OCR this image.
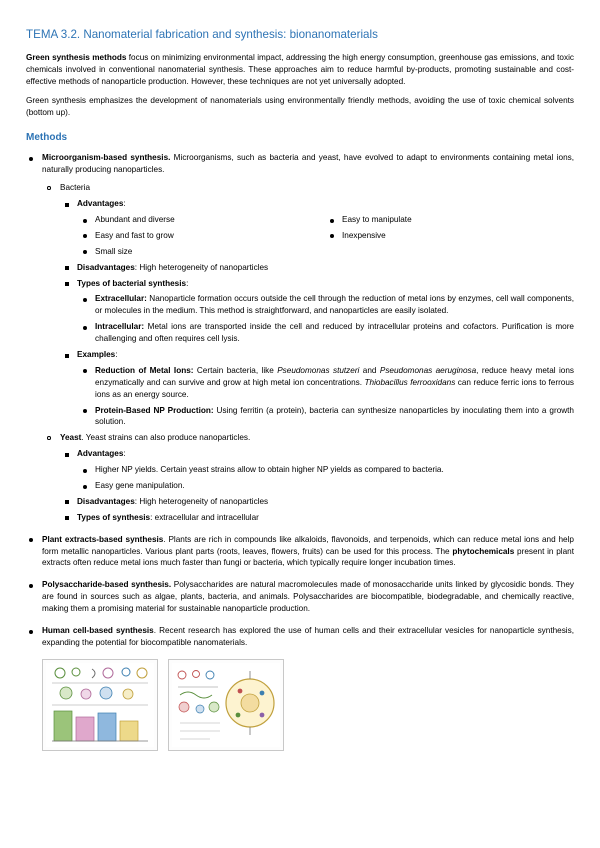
TEMA 3.2. Nanomaterial fabrication and synthesis: bionanomaterials

Green synthesis methods focus on minimizing environmental impact, addressing the high energy consumption, greenhouse gas emissions, and toxic chemicals involved in conventional nanomaterial synthesis. These approaches aim to reduce harmful by-products, promoting sustainable and cost-effective methods of nanoparticle production. However, these techniques are not yet universally adopted.

Green synthesis emphasizes the development of nanomaterials using environmentally friendly methods, avoiding the use of toxic chemical solvents (bottom up).

Methods
Microorganism-based synthesis. Microorganisms, such as bacteria and yeast, have evolved to adapt to environments containing metal ions, naturally producing nanoparticles.
Bacteria
Advantages:
Abundant and diverse
Easy and fast to grow
Small size
Easy to manipulate
Inexpensive
Disadvantages: High heterogeneity of nanoparticles
Types of bacterial synthesis:
Extracellular: Nanoparticle formation occurs outside the cell through the reduction of metal ions by enzymes, cell wall components, or molecules in the medium. This method is straightforward, and nanoparticles are easily isolated.
Intracellular: Metal ions are transported inside the cell and reduced by intracellular proteins and cofactors. Purification is more challenging and often requires cell lysis.
Examples:
Reduction of Metal Ions: Certain bacteria, like Pseudomonas stutzeri and Pseudomonas aeruginosa, reduce heavy metal ions enzymatically and can survive and grow at high metal ion concentrations. Thiobacillus ferrooxidans can reduce ferric ions to ferrous ions as an energy source.
Protein-Based NP Production: Using ferritin (a protein), bacteria can synthesize nanoparticles by inoculating them into a growth solution.
Yeast. Yeast strains can also produce nanoparticles.
Advantages:
Higher NP yields. Certain yeast strains allow to obtain higher NP yields as compared to bacteria.
Easy gene manipulation.
Disadvantages: High heterogeneity of nanoparticles
Types of synthesis: extracellular and intracellular
Plant extracts-based synthesis. Plants are rich in compounds like alkaloids, flavonoids, and terpenoids, which can reduce metal ions and help form metallic nanoparticles. Various plant parts (roots, leaves, flowers, fruits) can be used for this process. The phytochemicals present in plant extracts often reduce metal ions much faster than fungi or bacteria, which typically require longer incubation times.
Polysaccharide-based synthesis. Polysaccharides are natural macromolecules made of monosaccharide units linked by glycosidic bonds. They are found in sources such as algae, plants, bacteria, and animals. Polysaccharides are biocompatible, biodegradable, and chemically reactive, making them a promising material for sustainable nanoparticle production.
Human cell-based synthesis. Recent research has explored the use of human cells and their extracellular vesicles for nanoparticle synthesis, expanding the potential for biocompatible nanomaterials.
